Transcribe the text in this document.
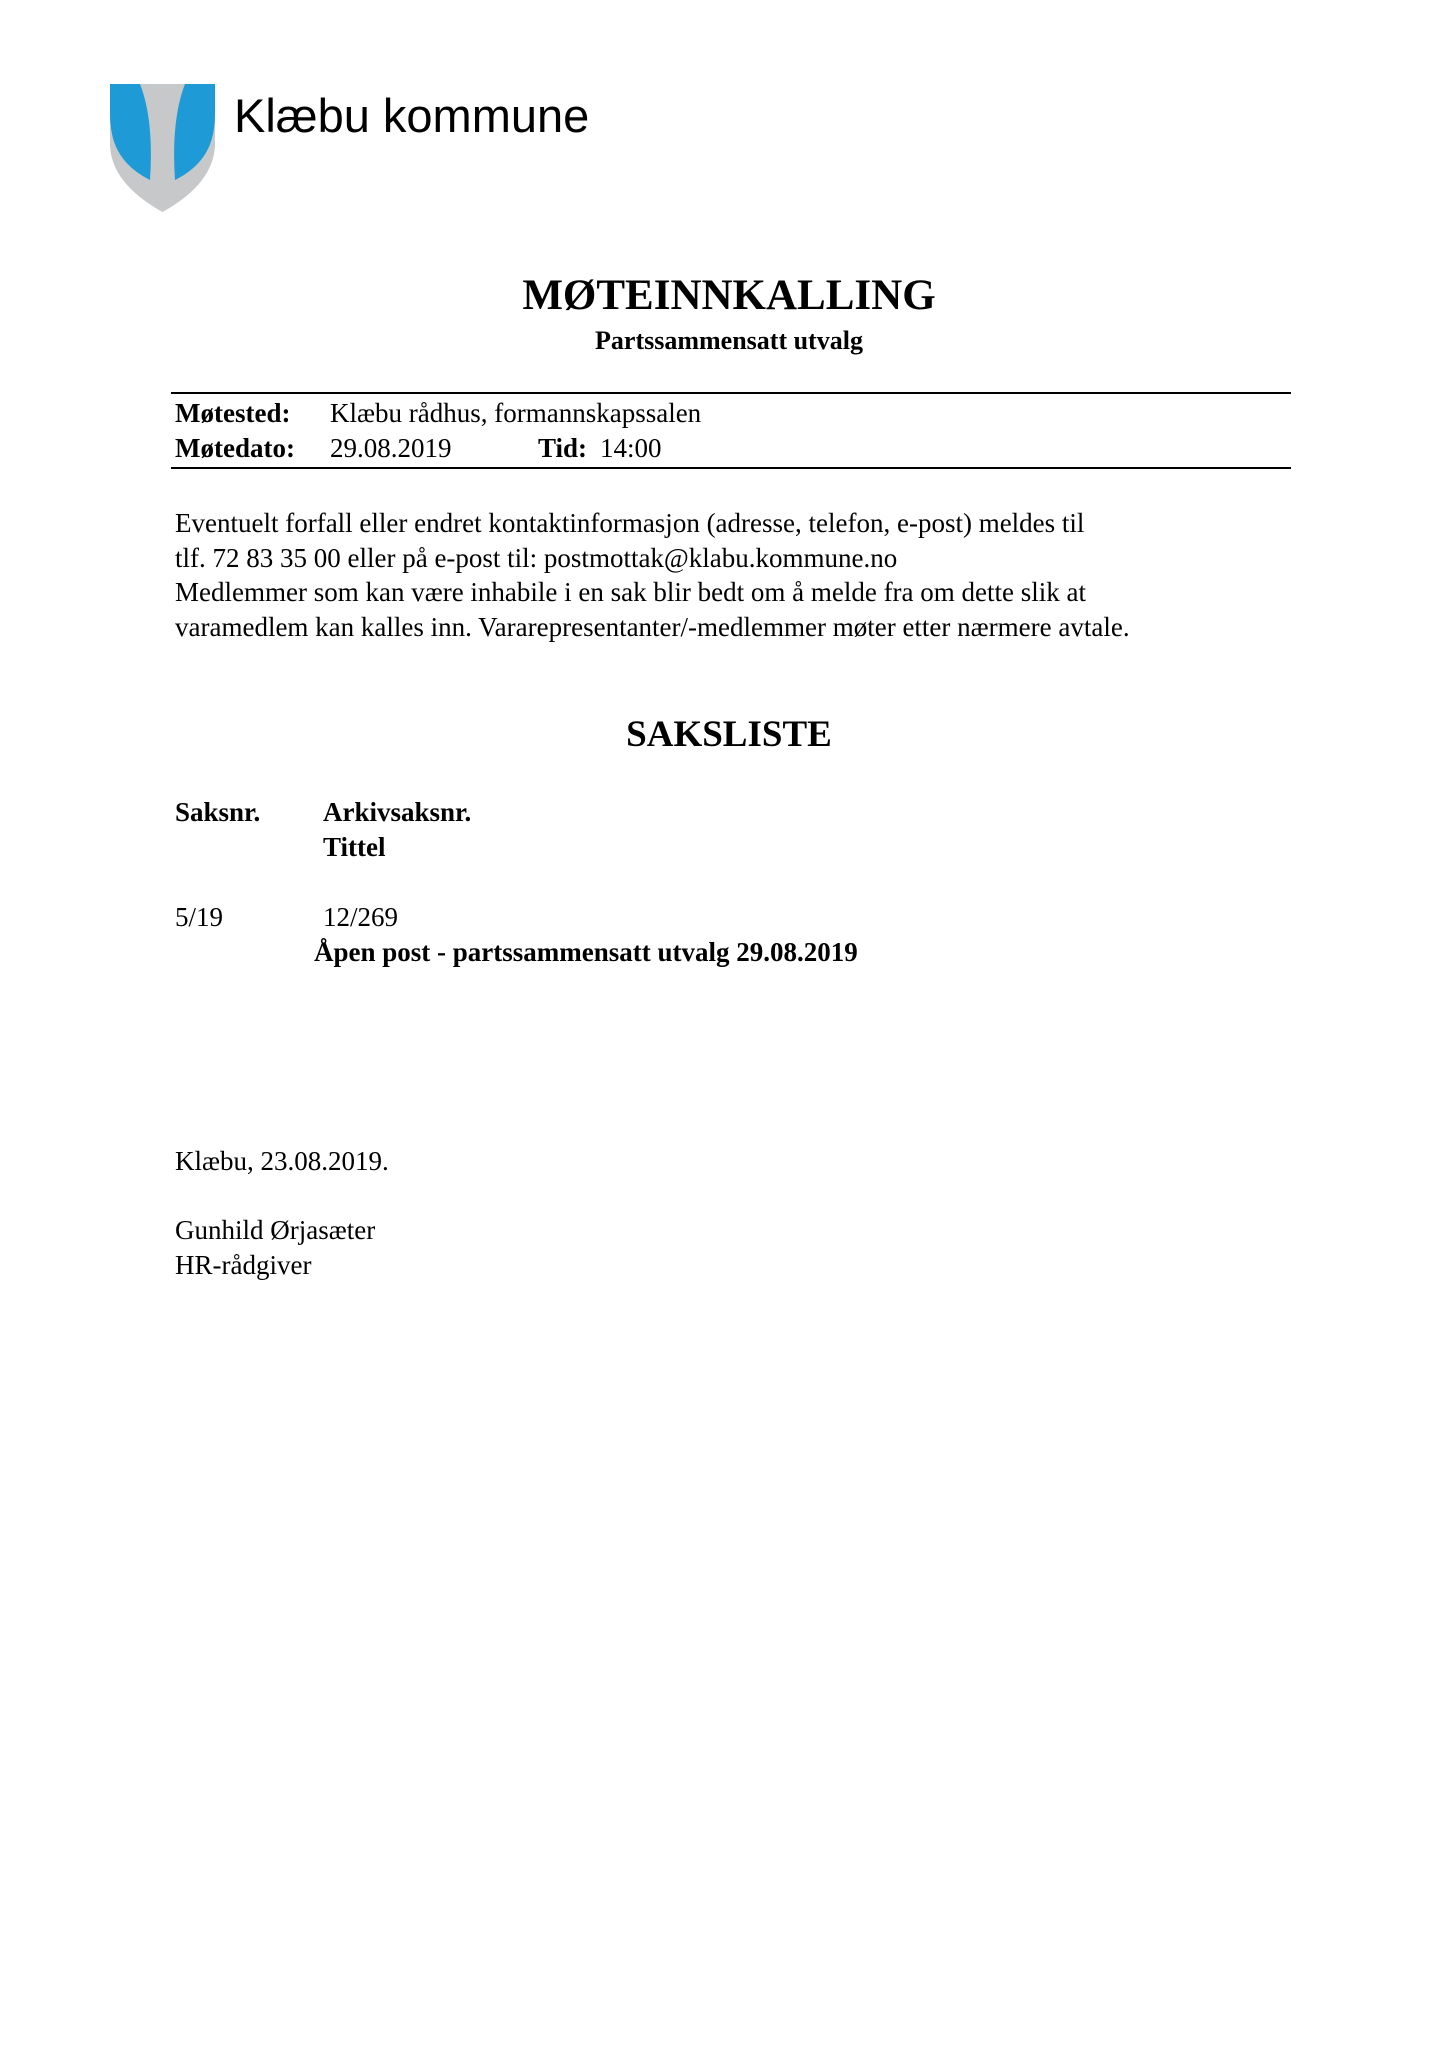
Klæbu kommune
MØTEINNKALLING
Partssammensatt utvalg
Møtested: Klæbu rådhus, formannskapssalen
Møtedato: 29.08.2019	Tid: 14:00
Eventuelt forfall eller endret kontaktinformasjon (adresse, telefon, e-post) meldes til
tlf. 72 83 35 00 eller på e-post til: postmottak@klabu.kommune.no
Medlemmer som kan være inhabile i en sak blir bedt om å melde fra om dette slik at
varamedlem kan kalles inn. Vararepresentanter/-medlemmer møter etter nærmere avtale.
SAKSLISTE
Saksnr. Arkivsaksnr.
Tittel
5/19	12/269
Åpen post - partssammensatt utvalg 29.08.2019
Klæbu, 23.08.2019.
Gunhild Ørjasæter
HR-rådgiver
